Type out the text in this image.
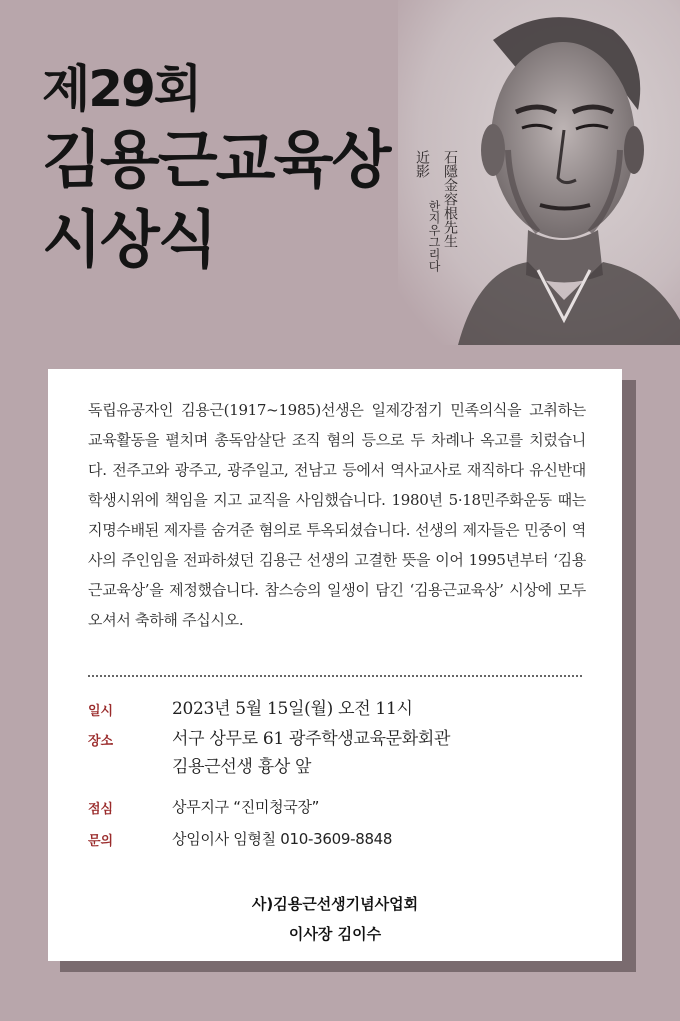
제29회
김용근교육상
시상식	石隱金容根先生
近影
한지우그리다

독립유공자인 김용근(1917~1985)선생은 일제강점기 민족의식을 고취하는 교육활동을 펼치며 총독암살단 조직 혐의 등으로 두 차례나 옥고를 치렀습니다. 전주고와 광주고, 광주일고, 전남고 등에서 역사교사로 재직하다 유신반대 학생시위에 책임을 지고 교직을 사임했습니다. 1980년 5·18민주화운동 때는 지명수배된 제자를 숨겨준 혐의로 투옥되셨습니다. 선생의 제자들은 민중이 역사의 주인임을 전파하셨던 김용근 선생의 고결한 뜻을 이어 1995년부터 ‘김용근교육상’을 제정했습니다. 참스승의 일생이 담긴 ‘김용근교육상’ 시상에 모두 오셔서 축하해 주십시오.

일시	2023년 5월 15일(월) 오전 11시
장소	서구 상무로 61 광주학생교육문화회관
김용근선생 흉상 앞
점심	상무지구 “진미청국장”
문의	상임이사 임형칠 010-3609-8848
사)김용근선생기념사업회
이사장 김이수
